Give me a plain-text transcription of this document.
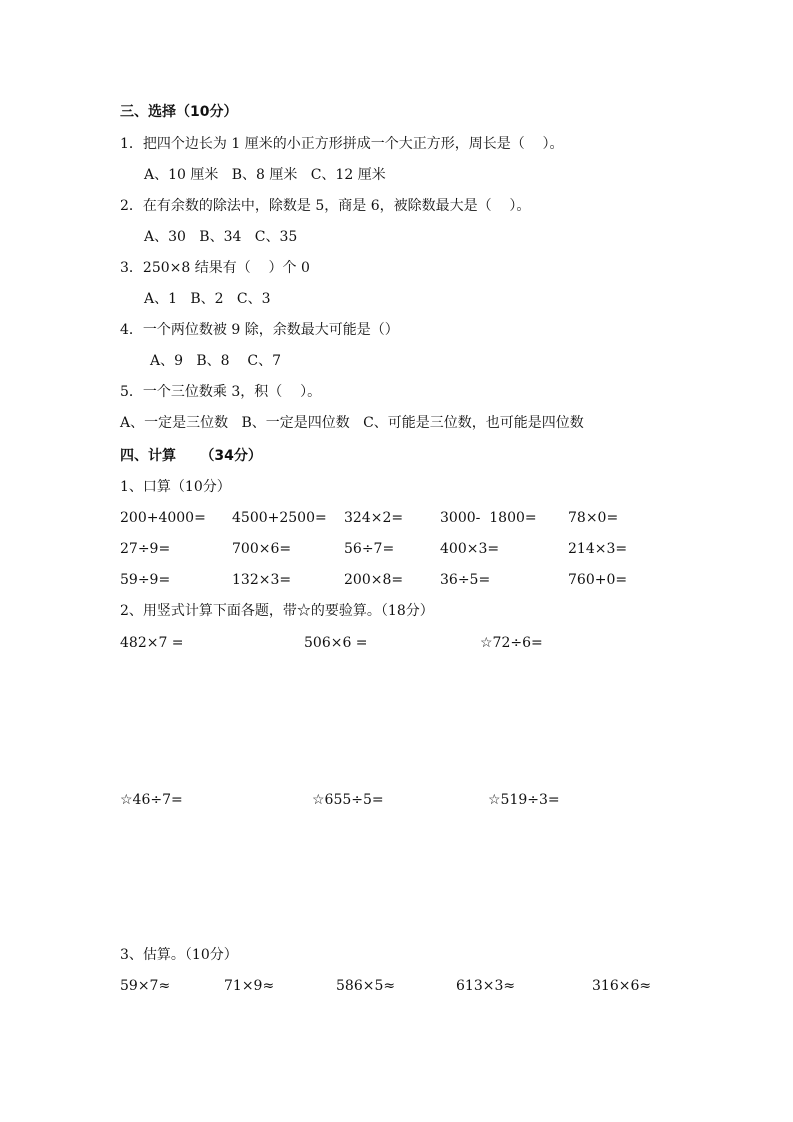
三、选择（10分）
1．把四个边长为 1 厘米的小正方形拼成一个大正方形，周长是（    ）。
A、10 厘米   B、8 厘米   C、12 厘米
2．在有余数的除法中，除数是 5，商是 6，被除数最大是（    ）。
A、30   B、34   C、35
3．250×8 结果有（    ）个 0
A、1   B、2   C、3
4．一个两位数被 9 除，余数最大可能是（）
A、9   B、8    C、7
5．一个三位数乘 3，积（    ）。
A、一定是三位数   B、一定是四位数   C、可能是三位数，也可能是四位数
四、计算     （34分）
1、口算（10分）
200+4000= 4500+2500= 324×2=	3000-  1800= 78×0=
27÷9=	700×6=	56÷7=	400×3=	214×3=
59÷9=	132×3=	200×8=	36÷5=	760+0=
2、用竖式计算下面各题，带☆的要验算。（18分）
482×7 =	506×6 =	☆72÷6=
☆46÷7=	☆655÷5=	☆519÷3=
3、估算。（10分）
59×7≈	71×9≈	586×5≈	613×3≈	316×6≈
